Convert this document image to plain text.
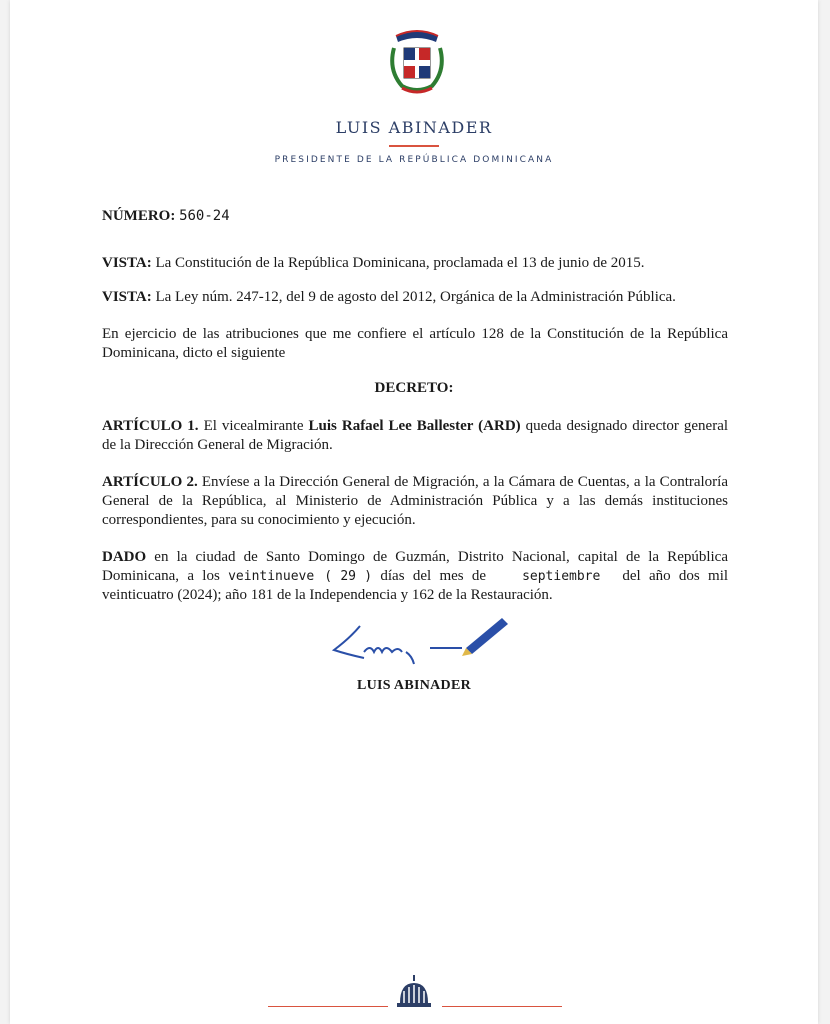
LUIS ABINADER
PRESIDENTE DE LA REPÚBLICA DOMINICANA
NÚMERO: 560-24
VISTA: La Constitución de la República Dominicana, proclamada el 13 de junio de 2015.
VISTA: La Ley núm. 247-12, del 9 de agosto del 2012, Orgánica de la Administración Pública.
En ejercicio de las atribuciones que me confiere el artículo 128 de la Constitución de la República Dominicana, dicto el siguiente
DECRETO:
ARTÍCULO 1. El vicealmirante Luis Rafael Lee Ballester (ARD) queda designado director general de la Dirección General de Migración.
ARTÍCULO 2. Envíese a la Dirección General de Migración, a la Cámara de Cuentas, a la Contraloría General de la República, al Ministerio de Administración Pública y a las demás instituciones correspondientes, para su conocimiento y ejecución.
DADO en la ciudad de Santo Domingo de Guzmán, Distrito Nacional, capital de la República Dominicana, a los veintinueve ( 29 ) días del mes de	septiembre del año dos mil veinticuatro (2024); año 181 de la Independencia y 162 de la Restauración.
LUIS ABINADER
